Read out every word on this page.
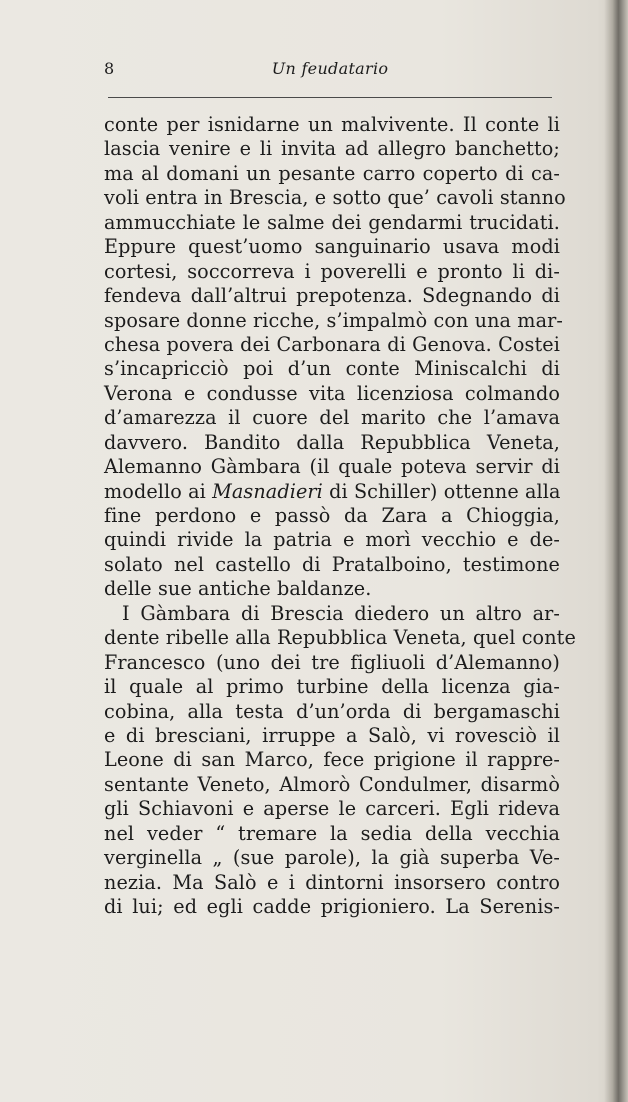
8	Un feudatario
conte per isnidarne un malvivente. Il conte li
lascia venire e li invita ad allegro banchetto;
ma al domani un pesante carro coperto di ca-
voli entra in Brescia, e sotto que’ cavoli stanno
ammucchiate le salme dei gendarmi trucidati.
Eppure quest’uomo sanguinario usava modi
cortesi, soccorreva i poverelli e pronto li di-
fendeva dall’altrui prepotenza. Sdegnando di
sposare donne ricche, s’impalmò con una mar-
chesa povera dei Carbonara di Genova. Costei
s’incapricciò poi d’un conte Miniscalchi di
Verona e condusse vita licenziosa colmando
d’amarezza il cuore del marito che l’amava
davvero. Bandito dalla Repubblica Veneta,
Alemanno Gàmbara (il quale poteva servir di
modello ai Masnadieri di Schiller) ottenne alla
fine perdono e passò da Zara a Chioggia,
quindi rivide la patria e morì vecchio e de-
solato nel castello di Pratalboino, testimone
delle sue antiche baldanze.
I Gàmbara di Brescia diedero un altro ar-
dente ribelle alla Repubblica Veneta, quel conte
Francesco (uno dei tre figliuoli d’Alemanno)
il quale al primo turbine della licenza gia-
cobina, alla testa d’un’orda di bergamaschi
e di bresciani, irruppe a Salò, vi rovesciò il
Leone di san Marco, fece prigione il rappre-
sentante Veneto, Almorò Condulmer, disarmò
gli Schiavoni e aperse le carceri. Egli rideva
nel veder “ tremare la sedia della vecchia
verginella „ (sue parole), la già superba Ve-
nezia. Ma Salò e i dintorni insorsero contro
di lui; ed egli cadde prigioniero. La Serenis-
